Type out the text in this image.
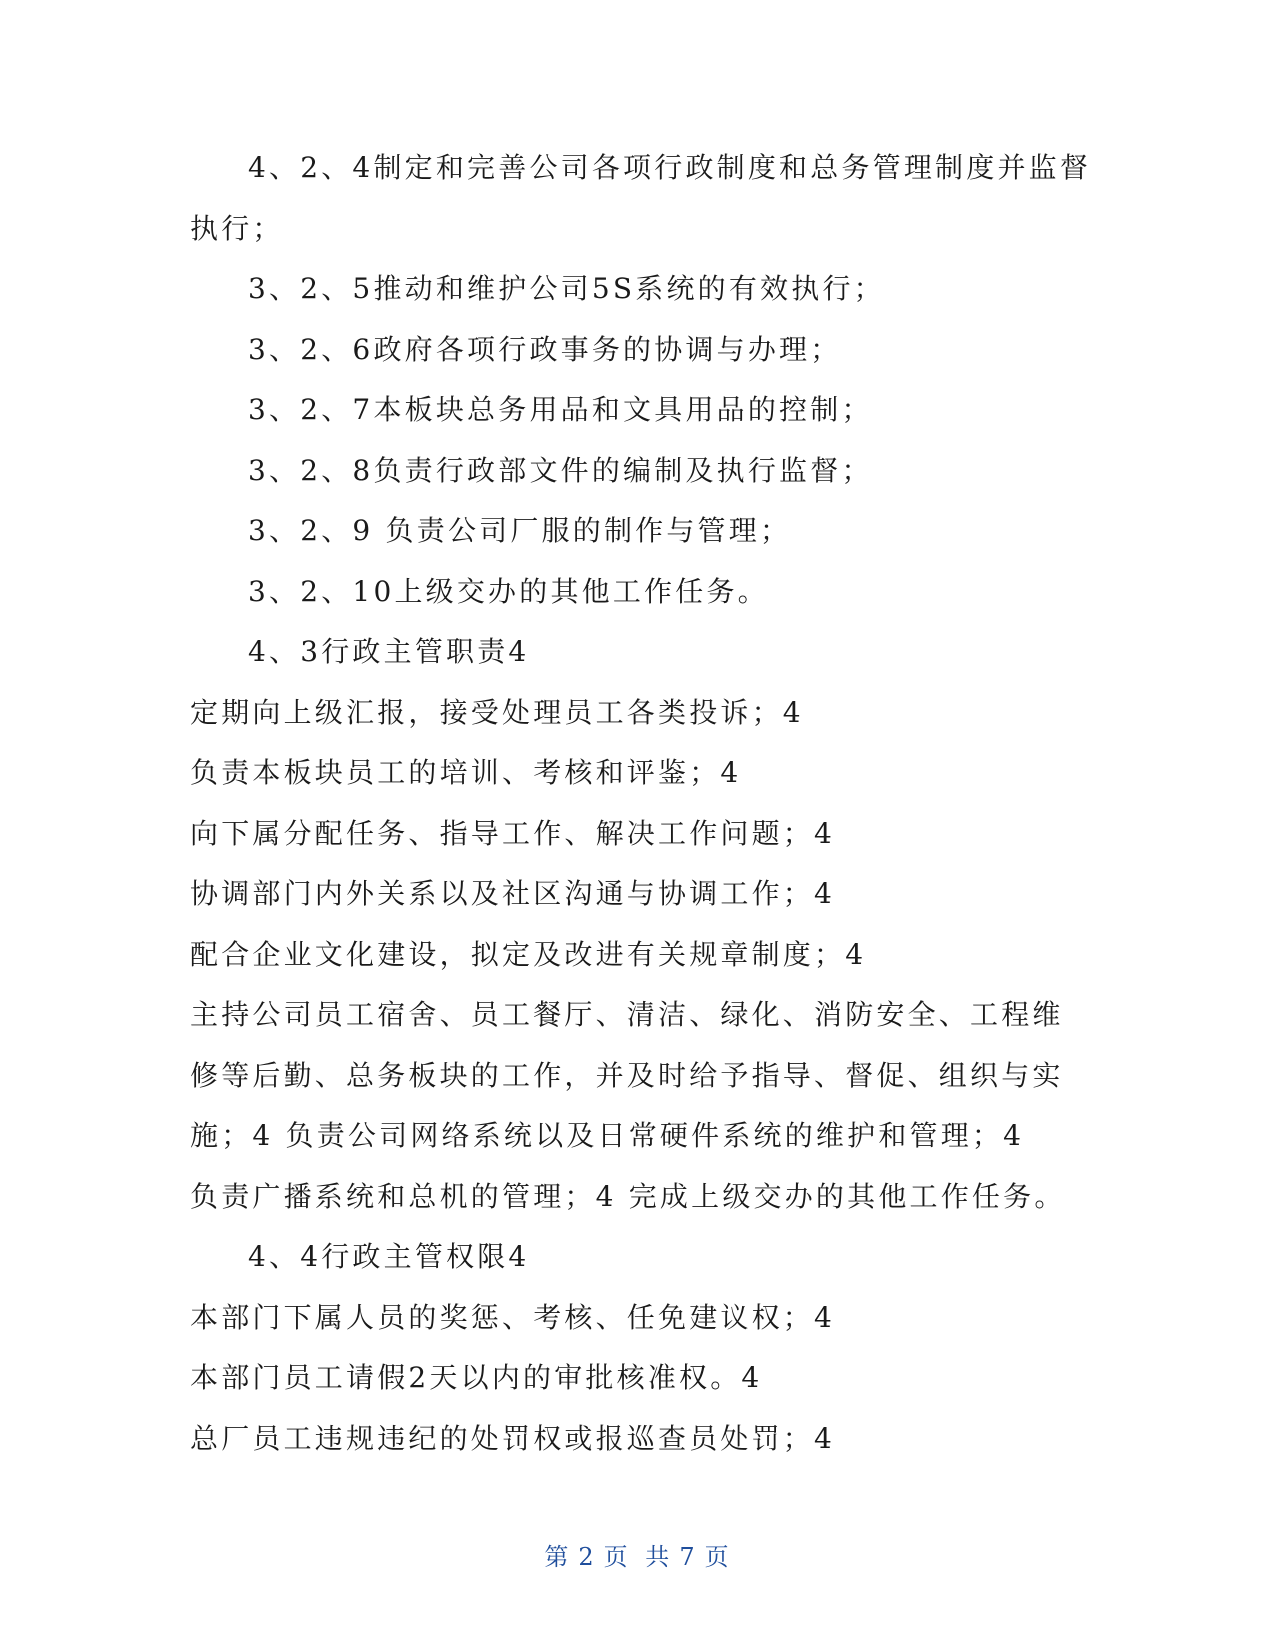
4、2、4制定和完善公司各项行政制度和总务管理制度并监督

执行；

3、2、5推动和维护公司5S系统的有效执行；

3、2、6政府各项行政事务的协调与办理；

3、2、7本板块总务用品和文具用品的控制；

3、2、8负责行政部文件的编制及执行监督；

3、2、9 负责公司厂服的制作与管理；

3、2、10上级交办的其他工作任务。

4、3行政主管职责4

定期向上级汇报，接受处理员工各类投诉；4

负责本板块员工的培训、考核和评鉴；4

向下属分配任务、指导工作、解决工作问题；4

协调部门内外关系以及社区沟通与协调工作；4

配合企业文化建设，拟定及改进有关规章制度；4

主持公司员工宿舍、员工餐厅、清洁、绿化、消防安全、工程维

修等后勤、总务板块的工作，并及时给予指导、督促、组织与实

施；4 负责公司网络系统以及日常硬件系统的维护和管理；4

负责广播系统和总机的管理；4 完成上级交办的其他工作任务。

4、4行政主管权限4

本部门下属人员的奖惩、考核、任免建议权；4

本部门员工请假2天以内的审批核准权。4

总厂员工违规违纪的处罚权或报巡查员处罚；4

第 2 页 共 7 页
